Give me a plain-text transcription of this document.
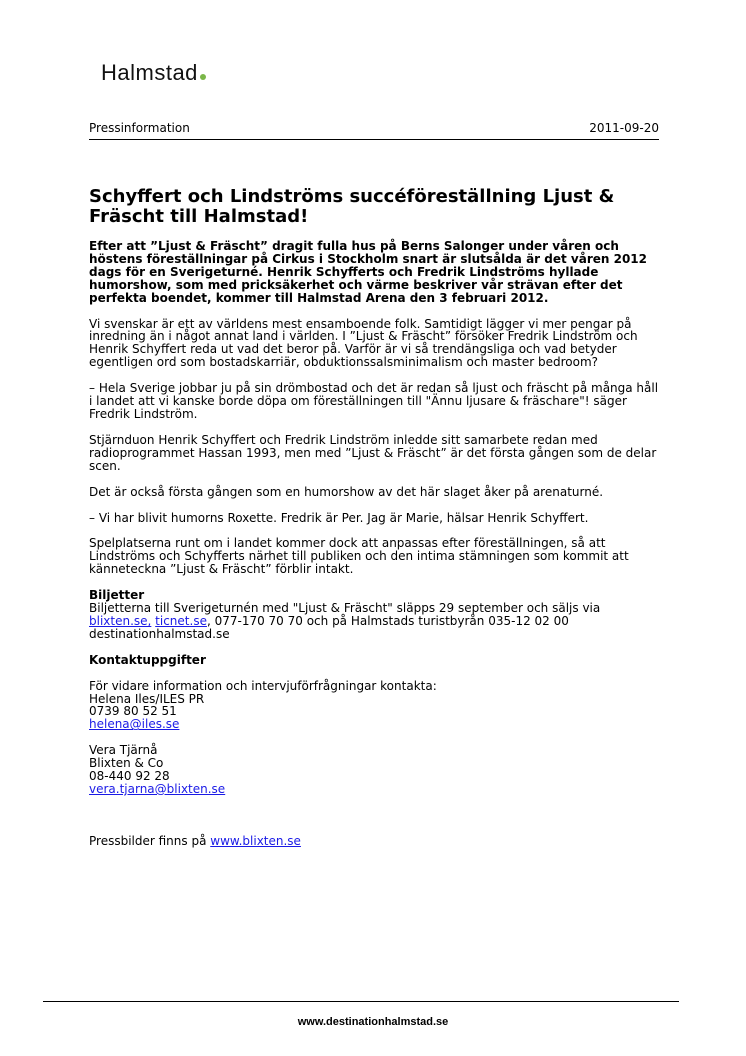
Halmstad
Pressinformation	2011-09-20
Schyffert och Lindströms succéföreställning Ljust & Fräscht till Halmstad!

Efter att ”Ljust & Fräscht” dragit fulla hus på Berns Salonger under våren och höstens föreställningar på Cirkus i Stockholm snart är slutsålda är det våren 2012 dags för en Sverigeturné. Henrik Schyfferts och Fredrik Lindströms hyllade humorshow, som med pricksäkerhet och värme beskriver vår strävan efter det perfekta boendet, kommer till Halmstad Arena den 3 februari 2012.

Vi svenskar är ett av världens mest ensamboende folk. Samtidigt lägger vi mer pengar på inredning än i något annat land i världen. I ”Ljust & Fräscht” försöker Fredrik Lindström och Henrik Schyffert reda ut vad det beror på. Varför är vi så trendängsliga och vad betyder egentligen ord som bostadskarriär, obduktionssalsminimalism och master bedroom?

– Hela Sverige jobbar ju på sin drömbostad och det är redan så ljust och fräscht på många håll i landet att vi kanske borde döpa om föreställningen till "Ännu ljusare & fräschare"! säger Fredrik Lindström.

Stjärnduon Henrik Schyffert och Fredrik Lindström inledde sitt samarbete redan med radioprogrammet Hassan 1993, men med ”Ljust & Fräscht” är det första gången som de delar scen.

Det är också första gången som en humorshow av det här slaget åker på arenaturné.

– Vi har blivit humorns Roxette. Fredrik är Per. Jag är Marie, hälsar Henrik Schyffert.

Spelplatserna runt om i landet kommer dock att anpassas efter föreställningen, så att Lindströms och Schyfferts närhet till publiken och den intima stämningen som kommit att känneteckna ”Ljust & Fräscht” förblir intakt.

Biljetter
Biljetterna till Sverigeturnén med "Ljust & Fräscht" släpps 29 september och säljs via blixten.se, ticnet.se, 077-170 70 70 och på Halmstads turistbyrån 035-12 02 00 destinationhalmstad.se

Kontaktuppgifter

För vidare information och intervjuförfrågningar kontakta:
Helena Iles/ILES PR
0739 80 52 51
helena@iles.se
Vera Tjärnå
Blixten & Co
08-440 92 28
vera.tjarna@blixten.se

Pressbilder finns på www.blixten.se

www.destinationhalmstad.se
